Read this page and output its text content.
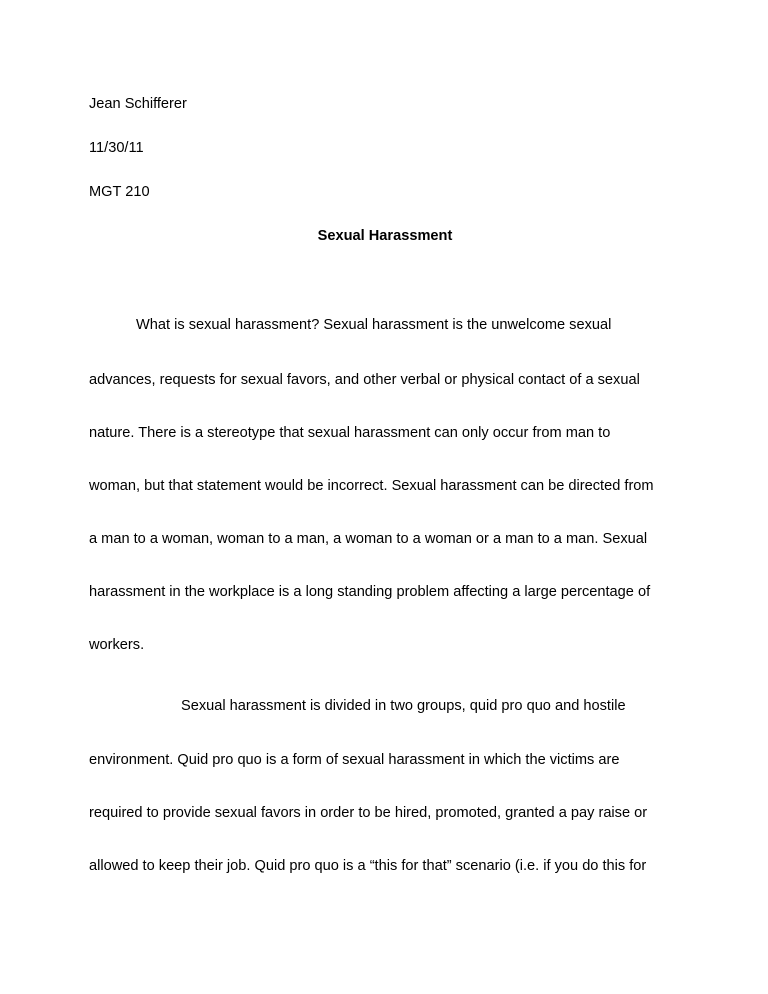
Jean Schifferer
11/30/11
MGT 210
Sexual Harassment
What is sexual harassment? Sexual harassment is the unwelcome sexual
advances, requests for sexual favors, and other verbal or physical contact of a sexual
nature. There is a stereotype that sexual harassment can only occur from man to
woman, but that statement would be incorrect. Sexual harassment can be directed from
a man to a woman, woman to a man, a woman to a woman or a man to a man. Sexual
harassment in the workplace is a long standing problem affecting a large percentage of
workers.
Sexual harassment is divided in two groups, quid pro quo and hostile
environment. Quid pro quo is a form of sexual harassment in which the victims are
required to provide sexual favors in order to be hired, promoted, granted a pay raise or
allowed to keep their job. Quid pro quo is a “this for that” scenario (i.e. if you do this for
